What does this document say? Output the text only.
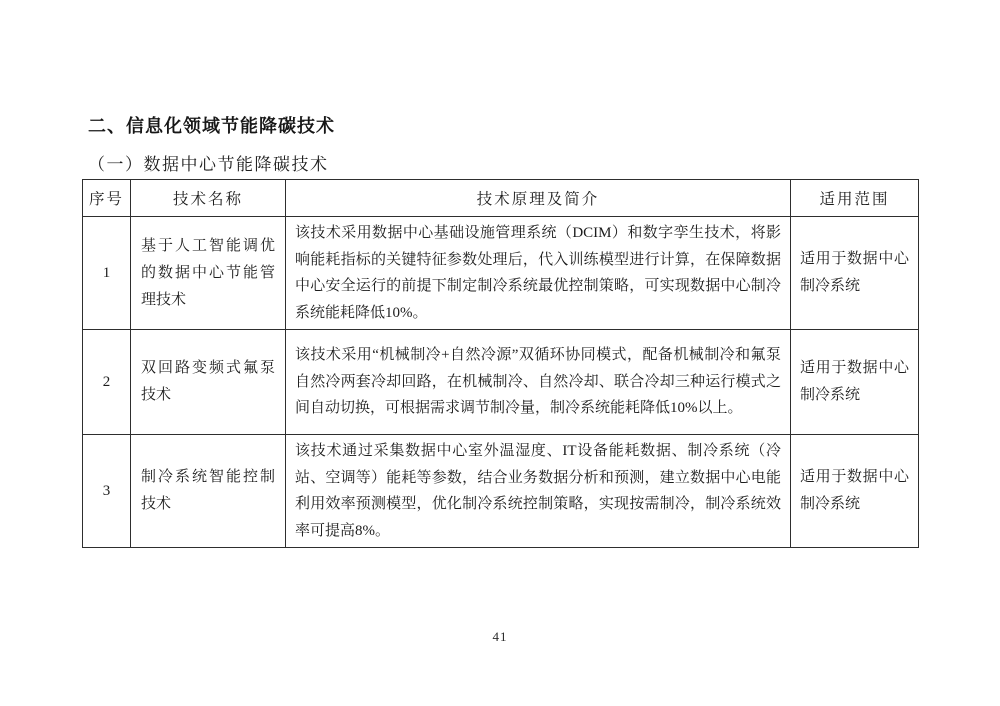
二、信息化领域节能降碳技术
（一）数据中心节能降碳技术
序号	技术名称	技术原理及简介	适用范围
1	基于人工智能调优的数据中心节能管理技术	该技术采用数据中心基础设施管理系统（DCIM）和数字孪生技术，将影响能耗指标的关键特征参数处理后，代入训练模型进行计算，在保障数据中心安全运行的前提下制定制冷系统最优控制策略，可实现数据中心制冷系统能耗降低10%。	适用于数据中心制冷系统
2	双回路变频式氟泵技术	该技术采用“机械制冷+自然冷源”双循环协同模式，配备机械制冷和氟泵自然冷两套冷却回路，在机械制冷、自然冷却、联合冷却三种运行模式之间自动切换，可根据需求调节制冷量，制冷系统能耗降低10%以上。	适用于数据中心制冷系统
3	制冷系统智能控制技术	该技术通过采集数据中心室外温湿度、IT设备能耗数据、制冷系统（冷站、空调等）能耗等参数，结合业务数据分析和预测，建立数据中心电能利用效率预测模型，优化制冷系统控制策略，实现按需制冷，制冷系统效率可提高8%。	适用于数据中心制冷系统
41
